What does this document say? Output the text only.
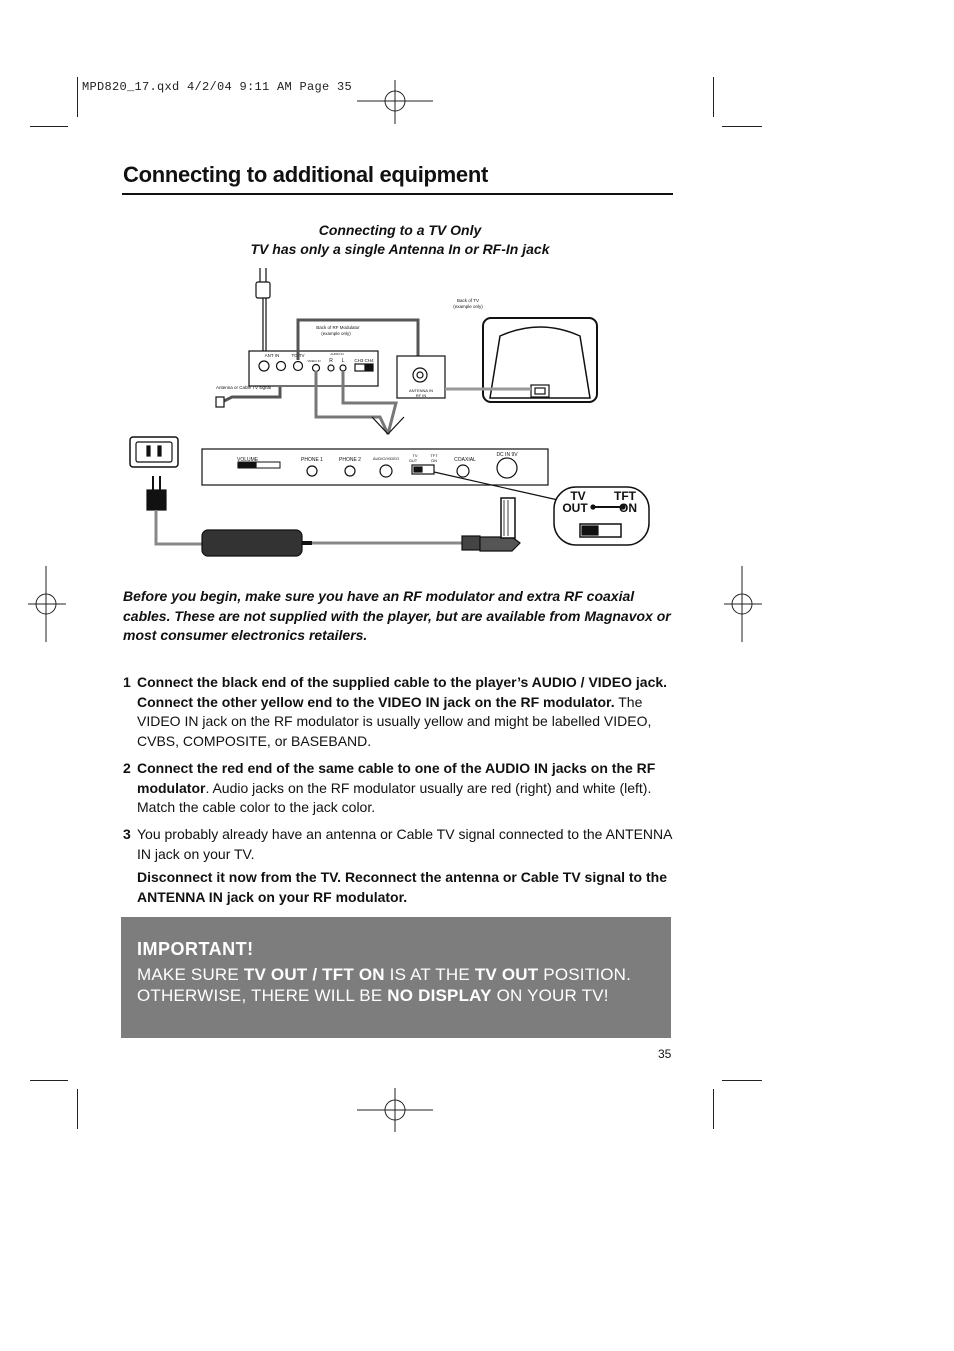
MPD820_17.qxd 4/2/04 9:11 AM Page 35
Connecting to additional equipment
Connecting to a TV Only
TV has only a single Antenna In or RF-In jack
Back of TV
(example only)
Back of RF Modulator
(example only)
ANT IN	TO TV	AUDIO IN
VIDEO IN R L CH3 CH4
ANTENNA IN
RF IN
Antenna or Cable TV signal
VOLUME	PHONE 1	PHONE 2	AUDIO/VIDEO
TV
OUT
TFT
ON	COAXIAL
DC IN 9V
TV
OUT
TFT
ON
Before you begin, make sure you have an RF modulator and extra RF coaxial cables. These are not supplied with the player, but are available from Magnavox or most consumer electronics retailers.
1 Connect the black end of the supplied cable to the player’s AUDIO / VIDEO jack. Connect the other yellow end to the VIDEO IN jack on the RF modulator. The VIDEO IN jack on the RF modulator is usually yellow and might be labelled VIDEO, CVBS, COMPOSITE, or BASEBAND.
2 Connect the red end of the same cable to one of the AUDIO IN jacks on the RF modulator. Audio jacks on the RF modulator usually are red (right) and white (left). Match the cable color to the jack color.
3 You probably already have an antenna or Cable TV signal connected to the ANTENNA IN jack on your TV.
Disconnect it now from the TV. Reconnect the antenna or Cable TV signal to the ANTENNA IN jack on your RF modulator.
IMPORTANT!
MAKE SURE TV OUT / TFT ON IS AT THE TV OUT POSITION.
OTHERWISE, THERE WILL BE NO DISPLAY ON YOUR TV!
35
